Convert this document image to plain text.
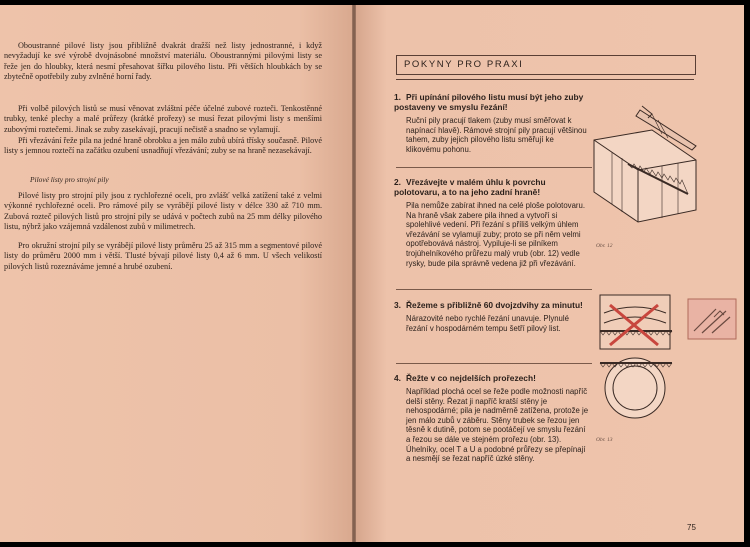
Oboustranné pilové listy jsou přibližně dvakrát dražší než listy jednostranné, i když nevyžadují ke své výrobě dvojnásobné množství materiálu. Oboustrannými pilovými listy se řeže jen do hloubky, která nesmí přesahovat šířku pilového listu. Při větších hloubkách by se zbytečně opotřebily zuby zvlněné horní řady.

Při volbě pilových listů se musí věnovat zvláštní péče účelné zubové rozteči. Tenkostěnné trubky, tenké plechy a malé průřezy (krátké prořezy) se musí řezat pilovými listy s menšími zubovými roztečemi. Jinak se zuby zasekávají, pracují nečistě a snadno se vylamují.

Při vřezávání řeže pila na jedné hraně obrobku a jen málo zubů ubírá třísky současně. Pilové listy s jemnou roztečí na začátku ozubení usnadňují vřezávání; zuby se na hraně nezasekávají.

Pilové listy pro strojní pily

Pilové listy pro strojní pily jsou z rychlořezné oceli, pro zvlášť velká zatížení také z velmi výkonné rychlořezné oceli. Pro rámové pily se vyrábějí pilové listy v délce 330 až 710 mm. Zubová rozteč pilových listů pro strojní pily se udává v počtech zubů na 25 mm délky pilového listu, nýbrž jako vzájemná vzdálenost zubů v milimetrech.

Pro okružní strojní pily se vyrábějí pilové listy průměru 25 až 315 mm a segmentové pilové listy do průměru 2000 mm i větší. Tlusté bývají pilové listy 0,4 až 6 mm. U všech velikostí pilových listů rozeznáváme jemné a hrubé ozubení.

POKYNY PRO PRAXI

1. Při upínání pilového listu musí být jeho zuby postaveny ve smyslu řezání!

Ruční pily pracují tlakem (zuby musí směřovat k napínací hlavě). Rámové strojní pily pracují většinou tahem, zuby jejich pilového listu směřují ke klikovému pohonu.

2. Vřezávejte v malém úhlu k povrchu polotovaru, a to na jeho zadní hraně!

Pila nemůže zabírat ihned na celé ploše polotovaru. Na hraně však zabere pila ihned a vytvoří si spolehlivé vedení. Při řezání s příliš velkým úhlem vřezávání se vylamují zuby; proto se při něm velmi opotřebovává nástroj. Vypiluje-li se pilníkem trojúhelníkového průřezu malý vrub (obr. 12) vedle rysky, bude pila správně vedena již při vřezávání.

3. Řežeme s přibližně 60 dvojzdvihy za minutu!

Nárazovité nebo rychlé řezání unavuje. Plynulé řezání v hospodárném tempu šetří pilový list.

4. Řežte v co nejdelších prořezech!

Například plochá ocel se řeže podle možnosti napříč delší stěny. Řezat ji napříč kratší stěny je nehospodárné; pila je nadměrně zatížena, protože je jen málo zubů v záběru. Stěny trubek se řezou jen těsně k dutině, potom se pootáčejí ve smyslu řezání a řezou se dále ve stejném prořezu (obr. 13). Úhelníky, ocel T a U a podobné průřezy se přepínají a nesmějí se řezat napříč úzké stěny.

Obr. 12
Obr. 13
75
